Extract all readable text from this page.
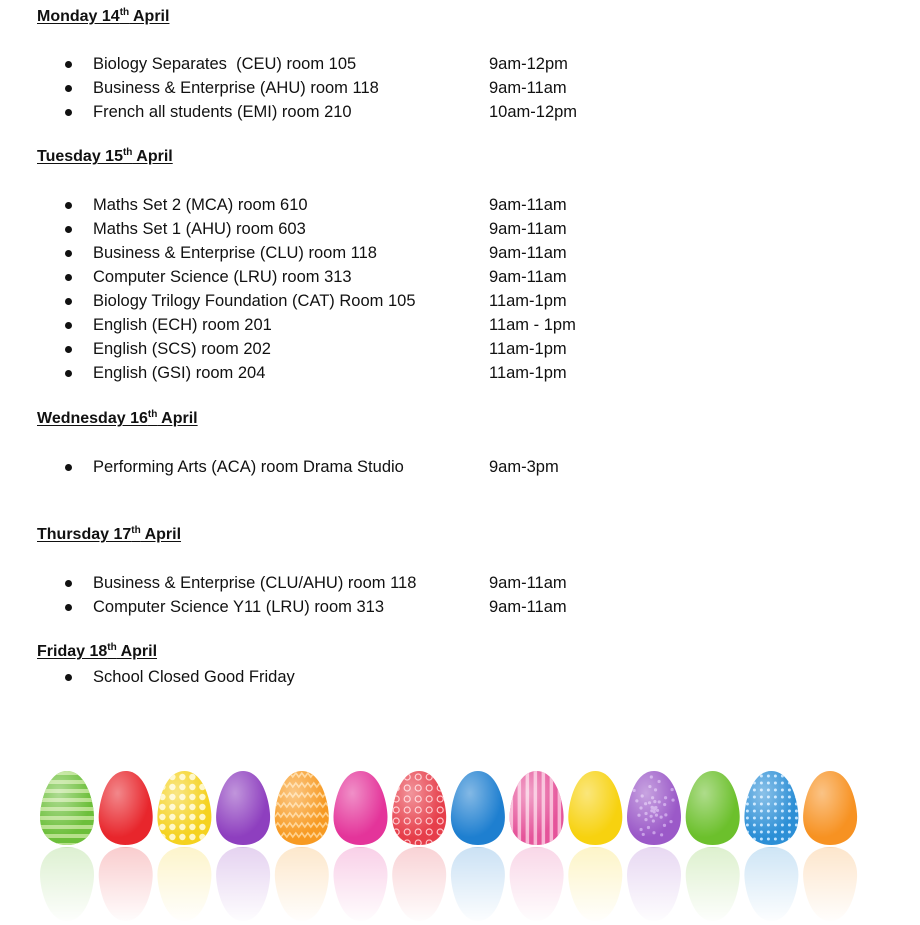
Monday 14th April
Biology Separates  (CEU) room 105	9am-12pm
Business & Enterprise (AHU) room 118	9am-11am
French all students (EMI) room 210	10am-12pm
Tuesday 15th April
Maths Set 2 (MCA) room 610	9am-11am
Maths Set 1 (AHU) room 603	9am-11am
Business & Enterprise (CLU) room 118	9am-11am
Computer Science (LRU) room 313	9am-11am
Biology Trilogy Foundation (CAT) Room 105	11am-1pm
English (ECH) room 201	11am - 1pm
English (SCS) room 202	11am-1pm
English (GSI) room 204	11am-1pm
Wednesday 16th April
Performing Arts (ACA) room Drama Studio	9am-3pm
Thursday 17th April
Business & Enterprise (CLU/AHU) room 118	9am-11am
Computer Science Y11 (LRU) room 313	9am-11am
Friday 18th April
School Closed Good Friday
